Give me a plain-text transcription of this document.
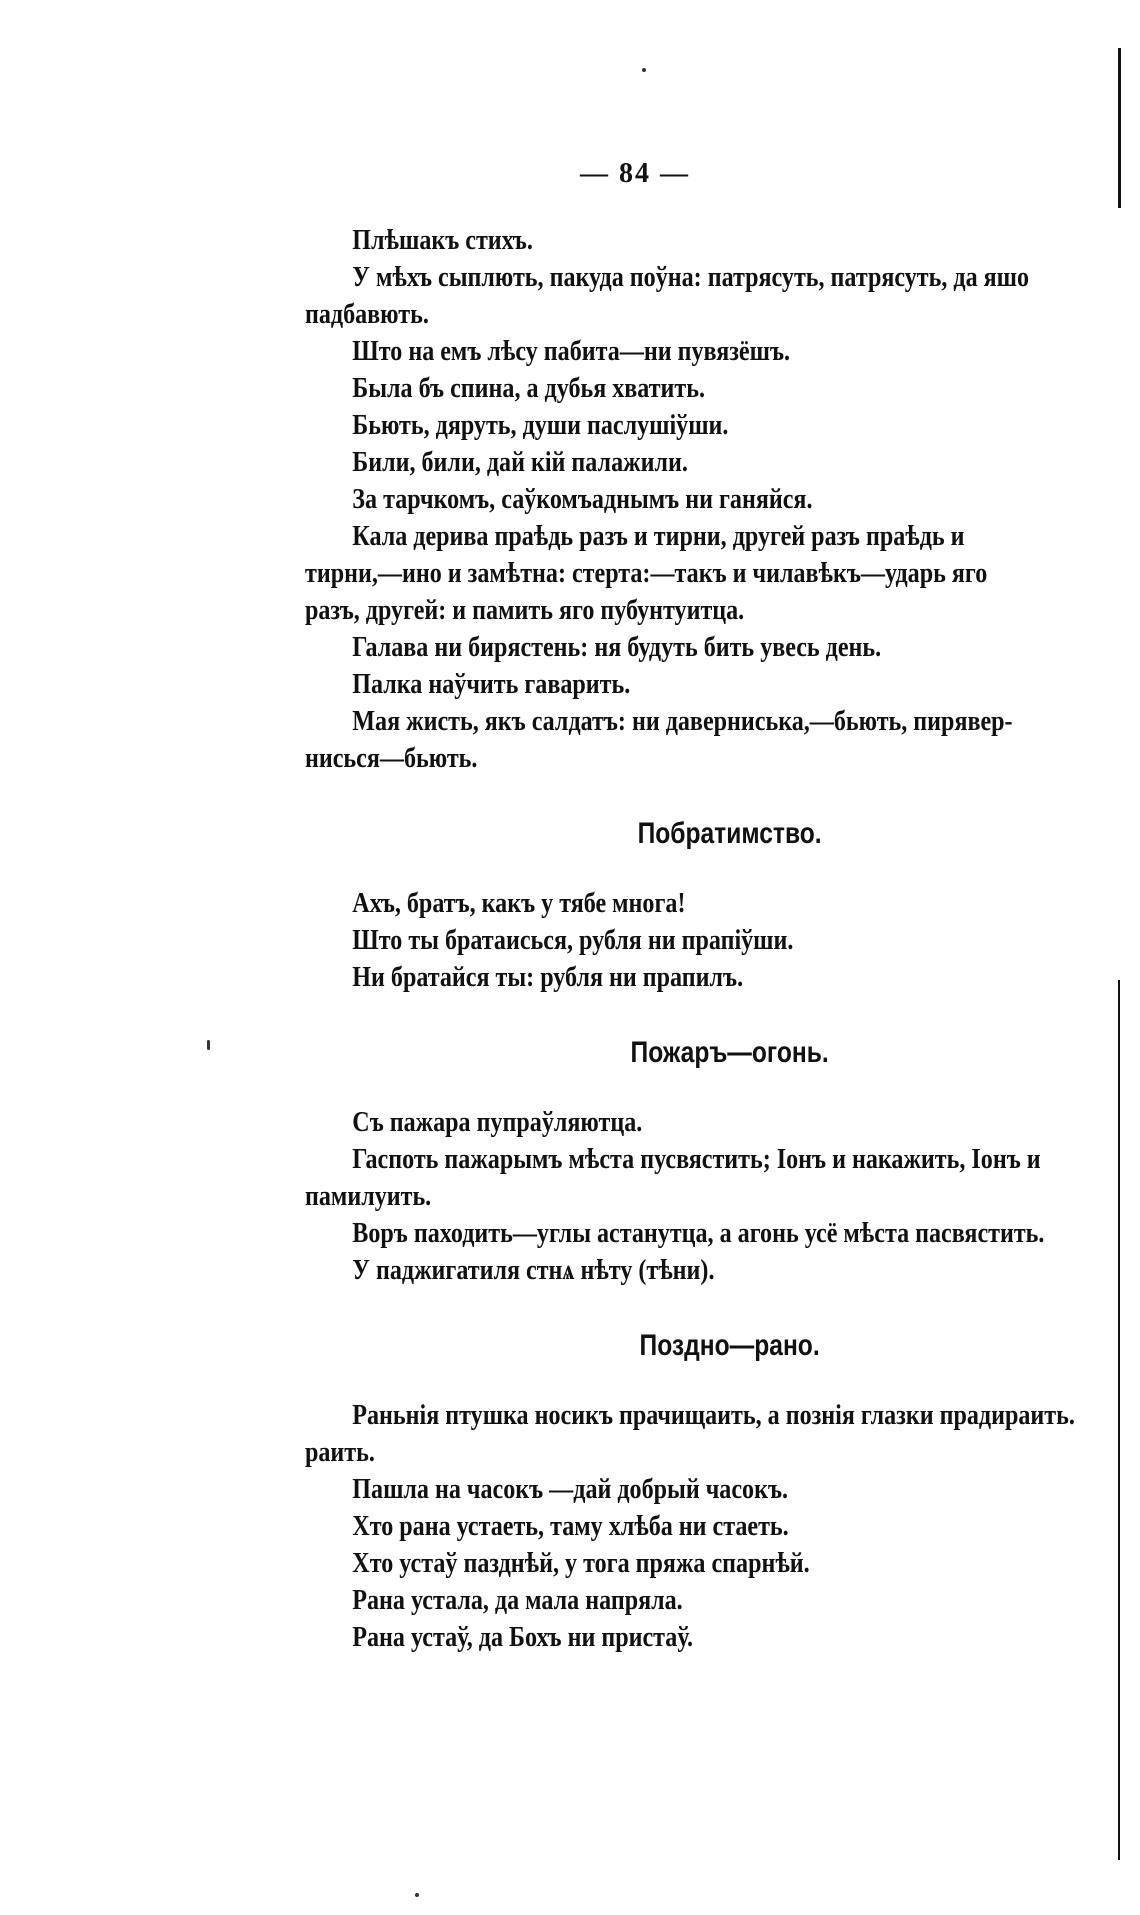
— 84 —
Плѣшакъ стихъ.
У мѣхъ сыплють, пакуда поўна: патрясуть, патрясуть, да яшо
падбавють.
Што на емъ лѣсу пабита—ни пувязёшъ.
Была бъ спина, а дубья хватить.
Бьють, дяруть, души паслушіўши.
Били, били, дай кій палажили.
За тарчкомъ, саўкомъаднымъ ни ганяйся.
Кала дерива праѣдь разъ и тирни, другей разъ праѣдь и
тирни,—ино и замѣтна: стерта:—такъ и чилавѣкъ—ударь яго
разъ, другей: и памить яго пубунтуитца.
Галава ни бирястень: ня будуть бить увесь день.
Палка наўчить гаварить.
Мая жисть, якъ салдатъ: ни даверниська,—бьють, пирявер-
нисься—бьють.
Побратимство.
Ахъ, братъ, какъ у тябе многа!
Што ты братаисься, рубля ни прапіўши.
Ни братайся ты: рубля ни прапилъ.
Пожаръ—огонь.
Съ пажара пупраўляютца.
Гаспоть пажарымъ мѣста пусвястить; Іонъ и накажить, Іонъ и
памилуить.
Воръ паходить—углы астанутца, а агонь усё мѣста пасвястить.
У паджигатиля стнѧ нѣту (тѣни).
Поздно—рано.
Раньнія птушка носикъ прачищаить, а познія глазки прадирaить.
раить.
Пашла на часокъ —дай добрый часокъ.
Хто рана устаеть, таму хлѣба ни стаеть.
Хто устаў пазднѣй, у тога пряжа спарнѣй.
Рана устала, да мала напряла.
Рана устаў, да Бохъ ни пристаў.
